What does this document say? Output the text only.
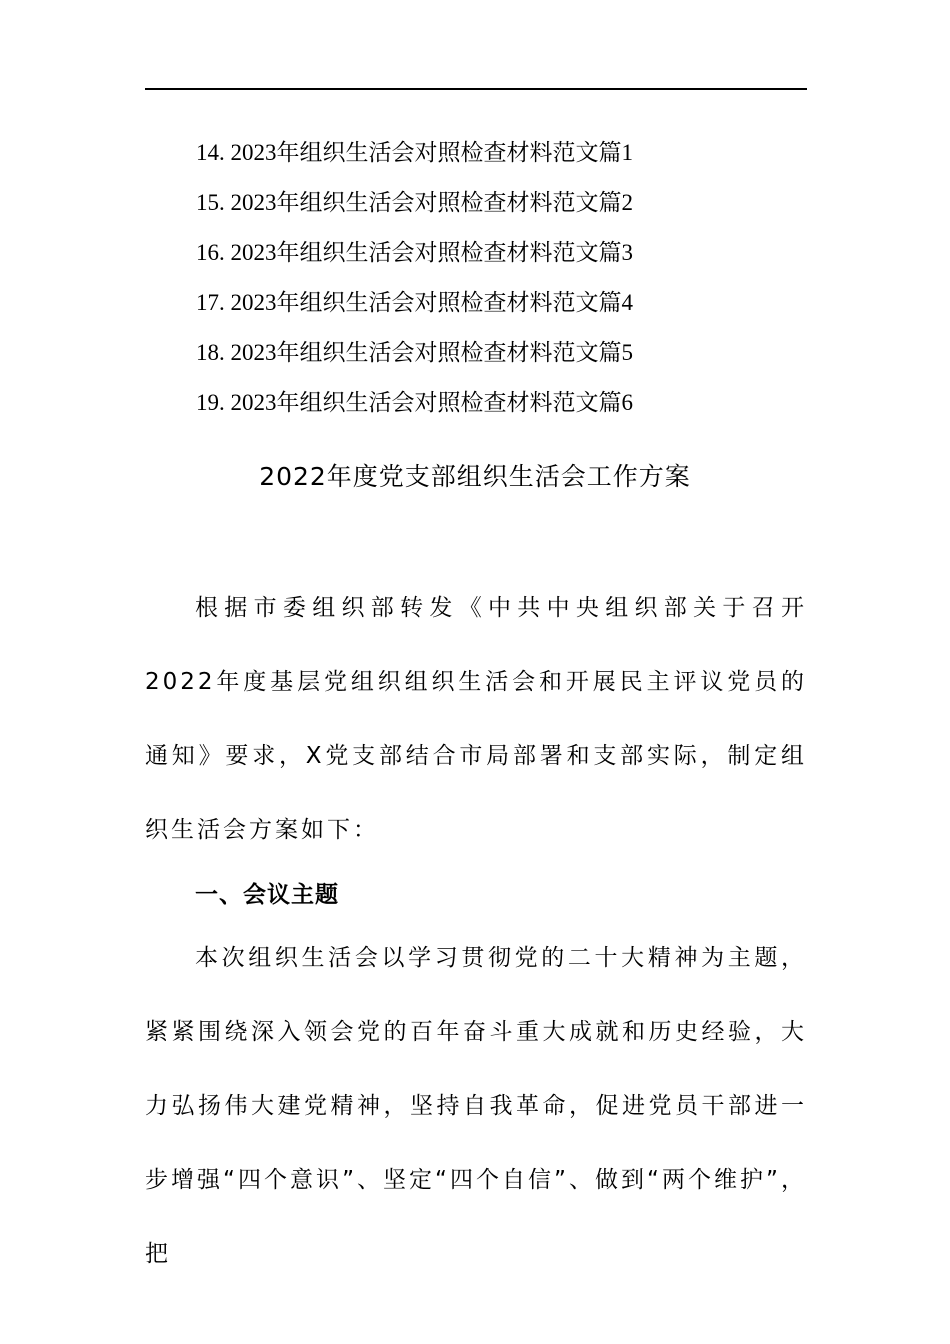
14. 2023年组织生活会对照检查材料范文篇1
15. 2023年组织生活会对照检查材料范文篇2
16. 2023年组织生活会对照检查材料范文篇3
17. 2023年组织生活会对照检查材料范文篇4
18. 2023年组织生活会对照检查材料范文篇5
19. 2023年组织生活会对照检查材料范文篇6
2022年度党支部组织生活会工作方案

根据市委组织部转发《中共中央组织部关于召开2022年度基层党组织组织生活会和开展民主评议党员的通知》要求，X党支部结合市局部署和支部实际，制定组织生活会方案如下：

一、会议主题

本次组织生活会以学习贯彻党的二十大精神为主题，紧紧围绕深入领会党的百年奋斗重大成就和历史经验，大力弘扬伟大建党精神，坚持自我革命，促进党员干部进一步增强“四个意识”、坚定“四个自信”、做到“两个维护”，把
